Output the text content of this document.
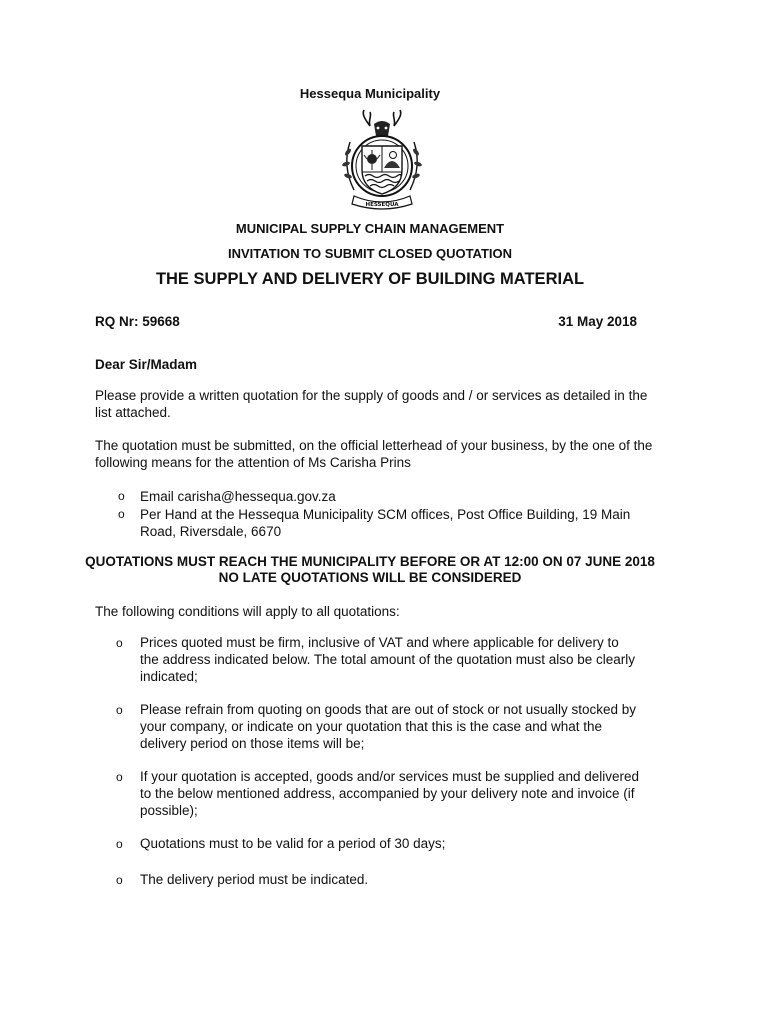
Hessequa Municipality
HESSEQUA
MUNICIPAL SUPPLY CHAIN MANAGEMENT
INVITATION TO SUBMIT CLOSED QUOTATION
THE SUPPLY AND DELIVERY OF BUILDING MATERIAL
RQ Nr: 59668	31 May 2018
Dear Sir/Madam
Please provide a written quotation for the supply of goods and / or services as detailed in the list attached.
The quotation must be submitted, on the official letterhead of your business, by the one of the following means for the attention of Ms Carisha Prins
o Email carisha@hessequa.gov.za
o Per Hand at the Hessequa Municipality SCM offices, Post Office Building, 19 Main Road, Riversdale, 6670
QUOTATIONS MUST REACH THE MUNICIPALITY BEFORE OR AT 12:00 ON 07 JUNE 2018
NO LATE QUOTATIONS WILL BE CONSIDERED
The following conditions will apply to all quotations:
o Prices quoted must be firm, inclusive of VAT and where applicable for delivery to the address indicated below. The total amount of the quotation must also be clearly indicated;
o Please refrain from quoting on goods that are out of stock or not usually stocked by your company, or indicate on your quotation that this is the case and what the delivery period on those items will be;
o If your quotation is accepted, goods and/or services must be supplied and delivered to the below mentioned address, accompanied by your delivery note and invoice (if possible);
o Quotations must to be valid for a period of 30 days;
o The delivery period must be indicated.
